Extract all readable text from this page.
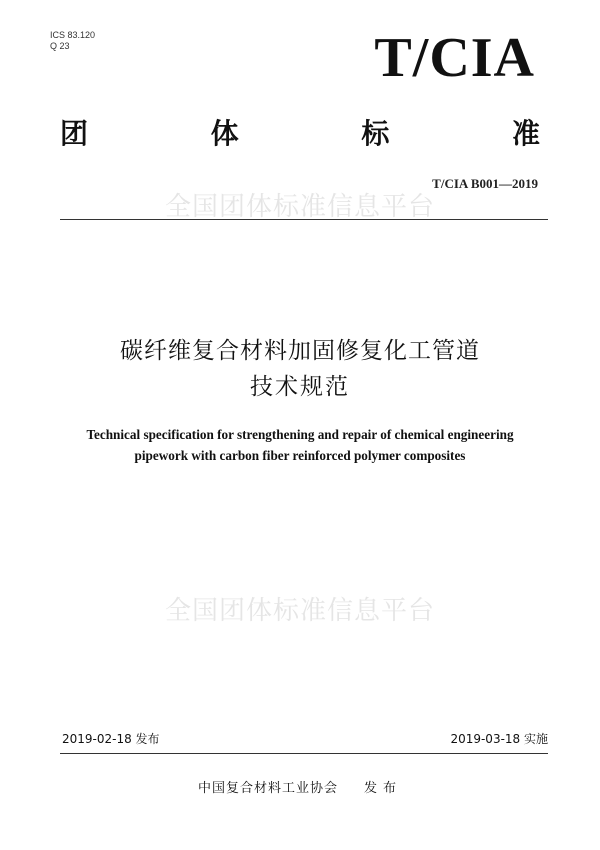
ICS 83.120
Q 23	T/CIA
团	体	标	准
T/CIA B001—2019
全国团体标准信息平台
碳纤维复合材料加固修复化工管道
技术规范
Technical specification for strengthening and repair of chemical engineering
pipework with carbon fiber reinforced polymer composites
全国团体标准信息平台
2019-02-18 发布	2019-03-18 实施
中国复合材料工业协会 发布
